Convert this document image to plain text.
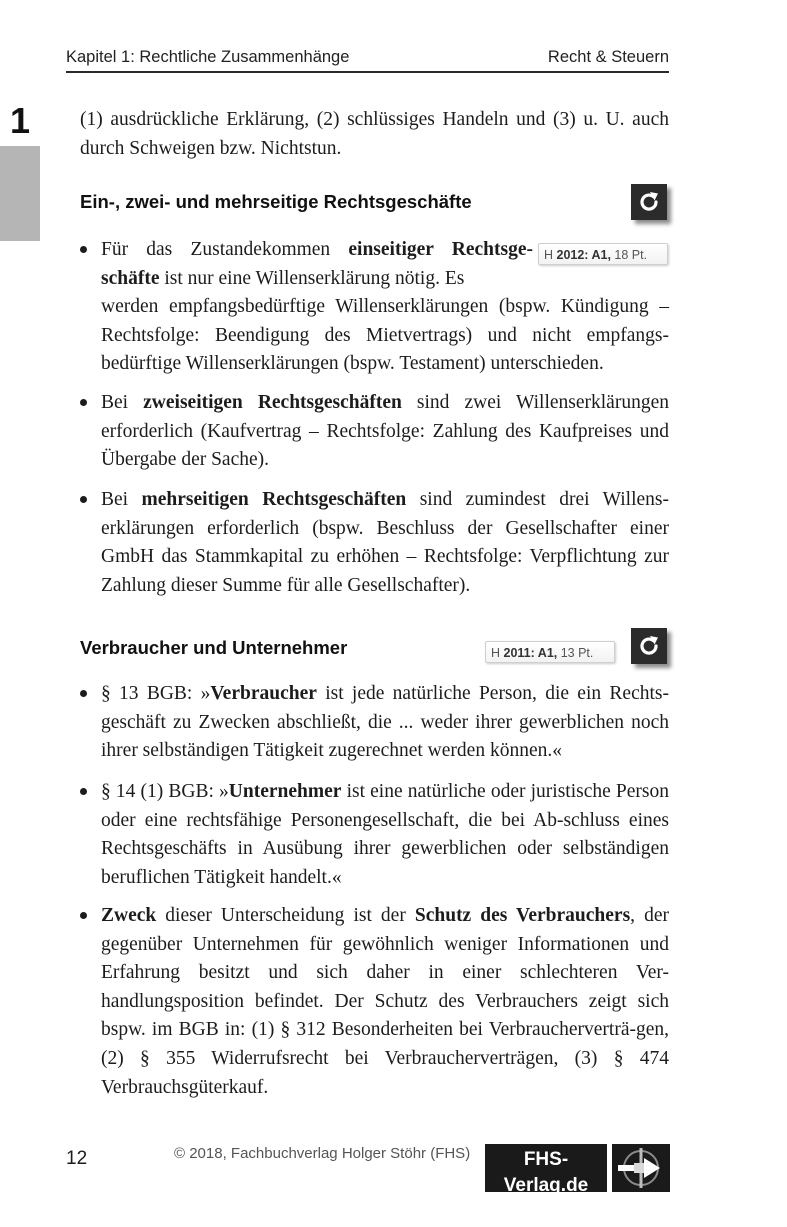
Kapitel 1: Rechtliche Zusammenhänge	Recht & Steuern
1	(1) ausdrückliche Erklärung, (2) schlüssiges Handeln und (3) u. U. auch durch Schweigen bzw. Nichtstun.
Ein-, zwei- und mehrseitige Rechtsgeschäfte
H 2012: A1, 18 Pt.
Für das Zustandekommen einseitiger Rechtsge-
schäfte ist nur eine Willenserklärung nötig. Es
werden empfangsbedürftige Willenserklärungen (bspw. Kündigung – Rechtsfolge: Beendigung des Mietvertrags) und nicht empfangs-bedürftige Willenserklärungen (bspw. Testament) unterschieden.
Bei zweiseitigen Rechtsgeschäften sind zwei Willenserklärungen erforderlich (Kaufvertrag – Rechtsfolge: Zahlung des Kaufpreises und Übergabe der Sache).
Bei mehrseitigen Rechtsgeschäften sind zumindest drei Willens-erklärungen erforderlich (bspw. Beschluss der Gesellschafter einer GmbH das Stammkapital zu erhöhen – Rechtsfolge: Verpflichtung zur Zahlung dieser Summe für alle Gesellschafter).
Verbraucher und Unternehmer	H 2011: A1, 13 Pt.
§ 13 BGB: »Verbraucher ist jede natürliche Person, die ein Rechts-geschäft zu Zwecken abschließt, die ... weder ihrer gewerblichen noch ihrer selbständigen Tätigkeit zugerechnet werden können.«
§ 14 (1) BGB: »Unternehmer ist eine natürliche oder juristische Person oder eine rechtsfähige Personengesellschaft, die bei Ab-schluss eines Rechtsgeschäfts in Ausübung ihrer gewerblichen oder selbständigen beruflichen Tätigkeit handelt.«
Zweck dieser Unterscheidung ist der Schutz des Verbrauchers, der gegenüber Unternehmen für gewöhnlich weniger Informationen und Erfahrung besitzt und sich daher in einer schlechteren Ver-handlungsposition befindet. Der Schutz des Verbrauchers zeigt sich bspw. im BGB in: (1) § 312 Besonderheiten bei Verbraucherverträ-gen, (2) § 355 Widerrufsrecht bei Verbraucherverträgen, (3) § 474 Verbrauchsgüterkauf.
12	© 2018, Fachbuchverlag Holger Stöhr (FHS)	FHS-Verlag.de
Fachbuchverlag Holger Stöhr
